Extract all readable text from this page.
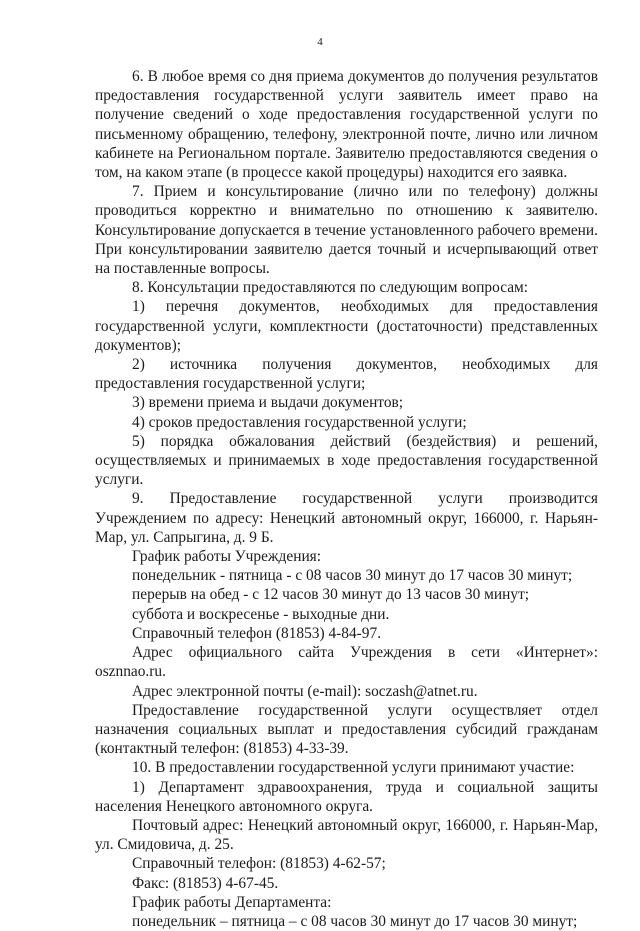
4

6. В любое время со дня приема документов до получения результатов предоставления государственной услуги заявитель имеет право на получение сведений о ходе предоставления государственной услуги по письменному обращению, телефону, электронной почте, лично или личном кабинете на Региональном портале. Заявителю предоставляются сведения о том, на каком этапе (в процессе какой процедуры) находится его заявка.

7. Прием и консультирование (лично или по телефону) должны проводиться корректно и внимательно по отношению к заявителю. Консультирование допускается в течение установленного рабочего времени. При консультировании заявителю дается точный и исчерпывающий ответ на поставленные вопросы.

8. Консультации предоставляются по следующим вопросам:

1) перечня документов, необходимых для предоставления государственной услуги, комплектности (достаточности) представленных документов);

2) источника получения документов, необходимых для предоставления государственной услуги;

3) времени приема и выдачи документов;

4) сроков предоставления государственной услуги;

5) порядка обжалования действий (бездействия) и решений, осуществляемых и принимаемых в ходе предоставления государственной услуги.

9. Предоставление государственной услуги производится Учреждением по адресу: Ненецкий автономный округ, 166000, г. Нарьян-Мар, ул. Сапрыгина, д. 9 Б.

График работы Учреждения:

понедельник - пятница - с 08 часов 30 минут до 17 часов 30 минут;

перерыв на обед - с 12 часов 30 минут до 13 часов 30 минут;

суббота и воскресенье - выходные дни.

Справочный телефон (81853) 4-84-97.

Адрес официального сайта Учреждения в сети «Интернет»: osznnao.ru.

Адрес электронной почты (e-mail): soczash@atnet.ru.

Предоставление государственной услуги осуществляет отдел назначения социальных выплат и предоставления субсидий гражданам (контактный телефон: (81853) 4-33-39.

10. В предоставлении государственной услуги принимают участие:

1) Департамент здравоохранения, труда и социальной защиты населения Ненецкого автономного округа.

Почтовый адрес: Ненецкий автономный округ, 166000, г. Нарьян-Мар, ул. Смидовича, д. 25.

Справочный телефон: (81853) 4-62-57;

Факс: (81853) 4-67-45.

График работы Департамента:

понедельник – пятница – с 08 часов 30 минут до 17 часов 30 минут;
